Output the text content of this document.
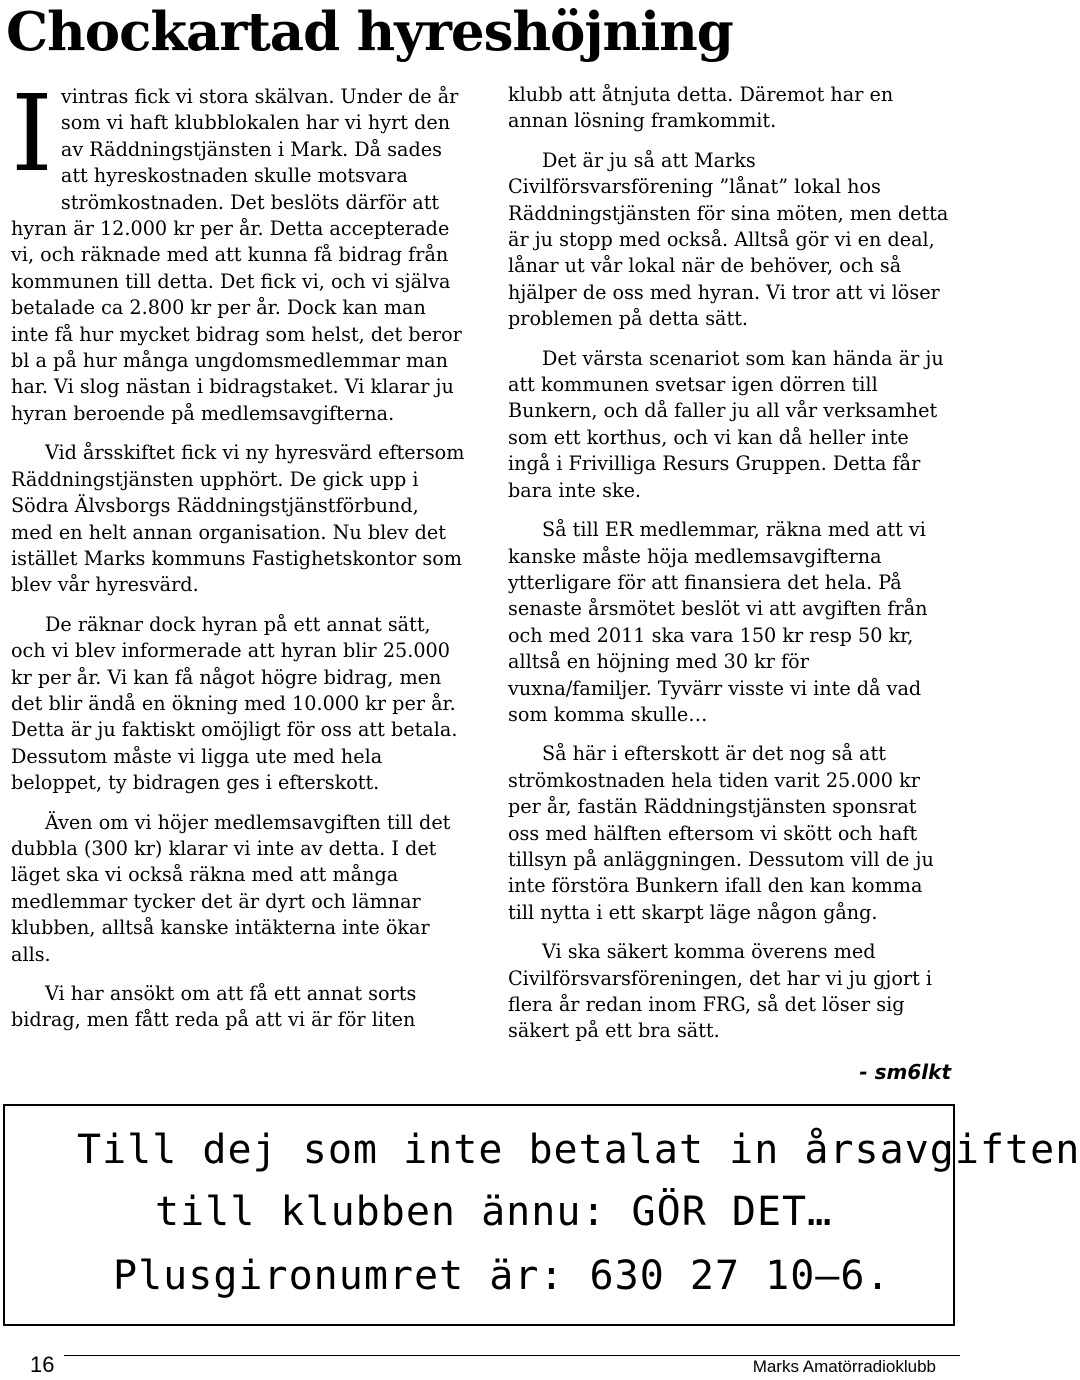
Chockartad hyreshöjning
I vintras fick vi stora skälvan. Under de år som vi haft klubblokalen har vi hyrt den av Räddningstjänsten i Mark. Då sades att hyreskostnaden skulle motsvara strömkostnaden. Det beslöts därför att hyran är 12.000 kr per år. Detta accepterade vi, och räknade med att kunna få bidrag från kommunen till detta. Det fick vi, och vi själva betalade ca 2.800 kr per år. Dock kan man inte få hur mycket bidrag som helst, det beror bl a på hur många ungdomsmedlemmar man har. Vi slog nästan i bidragstaket. Vi klarar ju hyran beroende på medlemsavgifterna.

Vid årsskiftet fick vi ny hyresvärd eftersom Räddningstjänsten upphört. De gick upp i Södra Älvsborgs Räddningstjänstförbund, med en helt annan organisation. Nu blev det istället Marks kommuns Fastighetskontor som blev vår hyresvärd.

De räknar dock hyran på ett annat sätt, och vi blev informerade att hyran blir 25.000 kr per år. Vi kan få något högre bidrag, men det blir ändå en ökning med 10.000 kr per år. Detta är ju faktiskt omöjligt för oss att betala. Dessutom måste vi ligga ute med hela beloppet, ty bidragen ges i efterskott.

Även om vi höjer medlemsavgiften till det dubbla (300 kr) klarar vi inte av detta. I det läget ska vi också räkna med att många medlemmar tycker det är dyrt och lämnar klubben, alltså kanske intäkterna inte ökar alls.

Vi har ansökt om att få ett annat sorts bidrag, men fått reda på att vi är för liten

klubb att åtnjuta detta. Däremot har en annan lösning framkommit.

Det är ju så att Marks Civilförsvarsförening ”lånat” lokal hos Räddningstjänsten för sina möten, men detta är ju stopp med också. Alltså gör vi en deal, lånar ut vår lokal när de behöver, och så hjälper de oss med hyran. Vi tror att vi löser problemen på detta sätt.

Det värsta scenariot som kan hända är ju att kommunen svetsar igen dörren till Bunkern, och då faller ju all vår verksamhet som ett korthus, och vi kan då heller inte ingå i Frivilliga Resurs Gruppen. Detta får bara inte ske.

Så till ER medlemmar, räkna med att vi kanske måste höja medlemsavgifterna ytterligare för att finansiera det hela. På senaste årsmötet beslöt vi att avgiften från och med 2011 ska vara 150 kr resp 50 kr, alltså en höjning med 30 kr för vuxna/familjer. Tyvärr visste vi inte då vad som komma skulle…

Så här i efterskott är det nog så att strömkostnaden hela tiden varit 25.000 kr per år, fastän Räddningstjänsten sponsrat oss med hälften eftersom vi skött och haft tillsyn på anläggningen. Dessutom vill de ju inte förstöra Bunkern ifall den kan komma till nytta i ett skarpt läge någon gång.

Vi ska säkert komma överens med Civilförsvarsföreningen, det har vi ju gjort i flera år redan inom FRG, så det löser sig säkert på ett bra sätt.

- sm6lkt

Till dej som inte betalat in årsavgiften
till klubben ännu: GÖR DET…
Plusgironumret är: 630 27 10—6.
16	Marks Amatörradioklubb
